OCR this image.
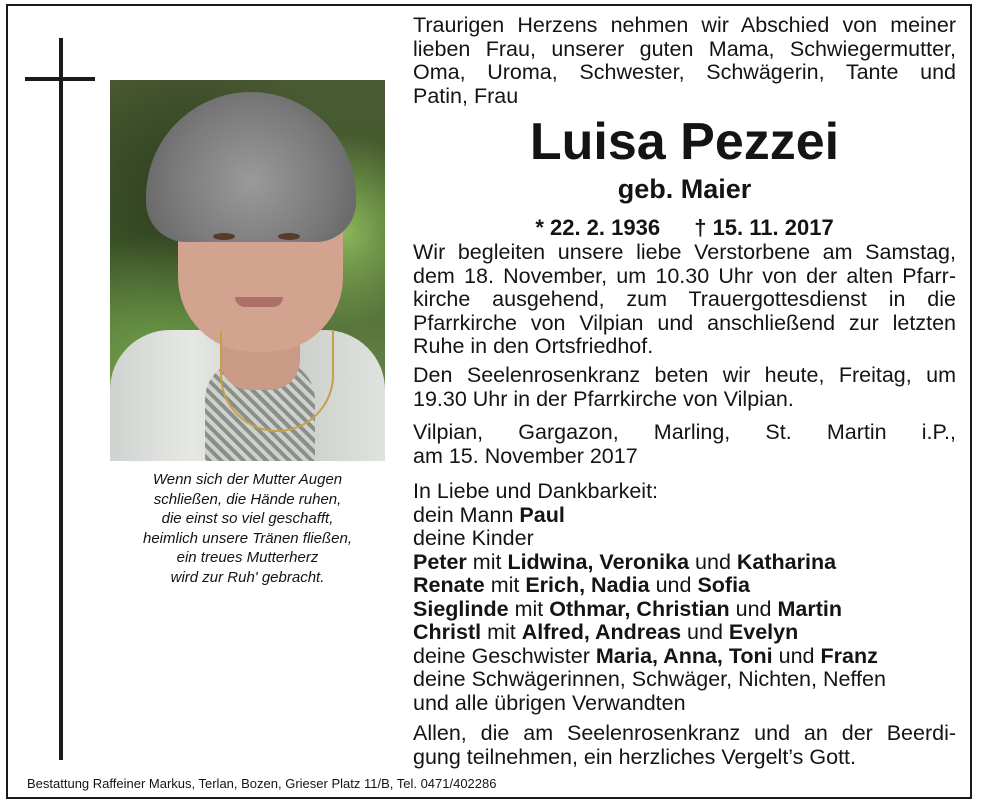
Wenn sich der Mutter Augen
schließen, die Hände ruhen,
die einst so viel geschafft,
heimlich unsere Tränen fließen,
ein treues Mutterherz
wird zur Ruh' gebracht.
Traurigen Herzens nehmen wir Abschied von meiner
lieben Frau, unserer guten Mama, Schwiegermutter,
Oma, Uroma, Schwester, Schwägerin, Tante und
Patin, Frau
Luisa Pezzei
geb. Maier
* 22. 2. 1936 † 15. 11. 2017
Wir begleiten unsere liebe Verstorbene am Samstag,
dem 18. November, um 10.30 Uhr von der alten Pfarr-
kirche ausgehend, zum Trauergottesdienst in die
Pfarrkirche von Vilpian und anschließend zur letzten
Ruhe in den Ortsfriedhof.
Den Seelenrosenkranz beten wir heute, Freitag, um
19.30 Uhr in der Pfarrkirche von Vilpian.
Vilpian, Gargazon, Marling, St. Martin i.P.,
am 15. November 2017
In Liebe und Dankbarkeit:
dein Mann Paul
deine Kinder
Peter mit Lidwina, Veronika und Katharina
Renate mit Erich, Nadia und Sofia
Sieglinde mit Othmar, Christian und Martin
Christl mit Alfred, Andreas und Evelyn
deine Geschwister Maria, Anna, Toni und Franz
deine Schwägerinnen, Schwäger, Nichten, Neffen
und alle übrigen Verwandten
Allen, die am Seelenrosenkranz und an der Beerdi-
gung teilnehmen, ein herzliches Vergelt’s Gott.
Bestattung Raffeiner Markus, Terlan, Bozen, Grieser Platz 11/B, Tel. 0471/402286
